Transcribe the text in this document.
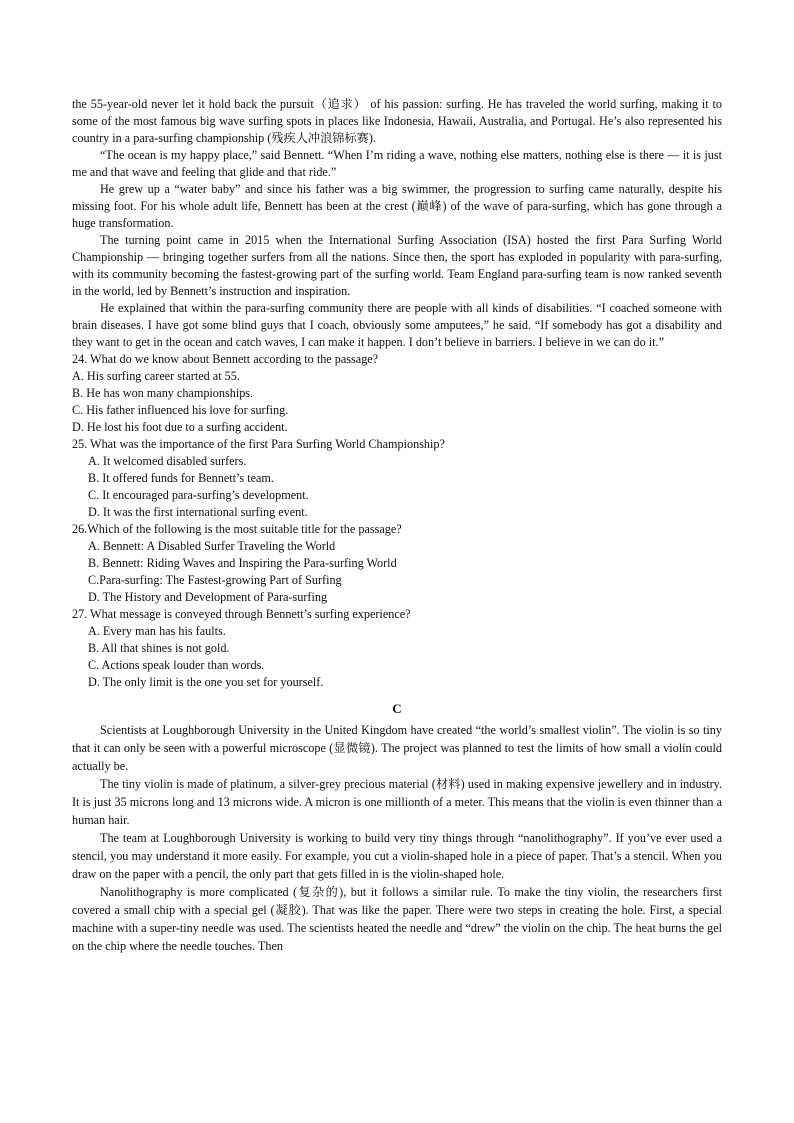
the 55-year-old never let it hold back the pursuit（追求） of his passion: surfing. He has traveled the world surfing, making it to some of the most famous big wave surfing spots in places like Indonesia, Hawaii, Australia, and Portugal. He’s also represented his country in a para-surfing championship (残疾人冲浪锦标赛).

“The ocean is my happy place,” said Bennett. “When I’m riding a wave, nothing else matters, nothing else is there — it is just me and that wave and feeling that glide and that ride.”

He grew up a “water baby” and since his father was a big swimmer, the progression to surfing came naturally, despite his missing foot. For his whole adult life, Bennett has been at the crest (巅峰) of the wave of para-surfing, which has gone through a huge transformation.

The turning point came in 2015 when the International Surfing Association (ISA) hosted the first Para Surfing World Championship — bringing together surfers from all the nations. Since then, the sport has exploded in popularity with para-surfing, with its community becoming the fastest-growing part of the surfing world. Team England para-surfing team is now ranked seventh in the world, led by Bennett’s instruction and inspiration.

He explained that within the para-surfing community there are people with all kinds of disabilities. “I coached someone with brain diseases. I have got some blind guys that I coach, obviously some amputees,” he said. “If somebody has got a disability and they want to get in the ocean and catch waves, I can make it happen. I don’t believe in barriers. I believe in we can do it.”

24. What do we know about Bennett according to the passage?

A. His surfing career started at 55.

B. He has won many championships.

C. His father influenced his love for surfing.

D. He lost his foot due to a surfing accident.

25. What was the importance of the first Para Surfing World Championship?

A. It welcomed disabled surfers.

B. It offered funds for Bennett’s team.

C. It encouraged para-surfing’s development.

D. It was the first international surfing event.

26.Which of the following is the most suitable title for the passage?

A. Bennett: A Disabled Surfer Traveling the World

B. Bennett: Riding Waves and Inspiring the Para-surfing World

C.Para-surfing: The Fastest-growing Part of Surfing

D. The History and Development of Para-surfing

27. What message is conveyed through Bennett’s surfing experience?

A. Every man has his faults.

B. All that shines is not gold.

C. Actions speak louder than words.

D. The only limit is the one you set for yourself.

C

Scientists at Loughborough University in the United Kingdom have created “the world’s smallest violin”. The violin is so tiny that it can only be seen with a powerful microscope (显微镜). The project was planned to test the limits of how small a violin could actually be.

The tiny violin is made of platinum, a silver-grey precious material (材料) used in making expensive jewellery and in industry. It is just 35 microns long and 13 microns wide. A micron is one millionth of a meter. This means that the violin is even thinner than a human hair.

The team at Loughborough University is working to build very tiny things through “nanolithography”. If you’ve ever used a stencil, you may understand it more easily. For example, you cut a violin-shaped hole in a piece of paper. That’s a stencil. When you draw on the paper with a pencil, the only part that gets filled in is the violin-shaped hole.

Nanolithography is more complicated (复杂的), but it follows a similar rule. To make the tiny violin, the researchers first covered a small chip with a special gel (凝胶). That was like the paper. There were two steps in creating the hole. First, a special machine with a super-tiny needle was used. The scientists heated the needle and “drew” the violin on the chip. The heat burns the gel on the chip where the needle touches. Then
